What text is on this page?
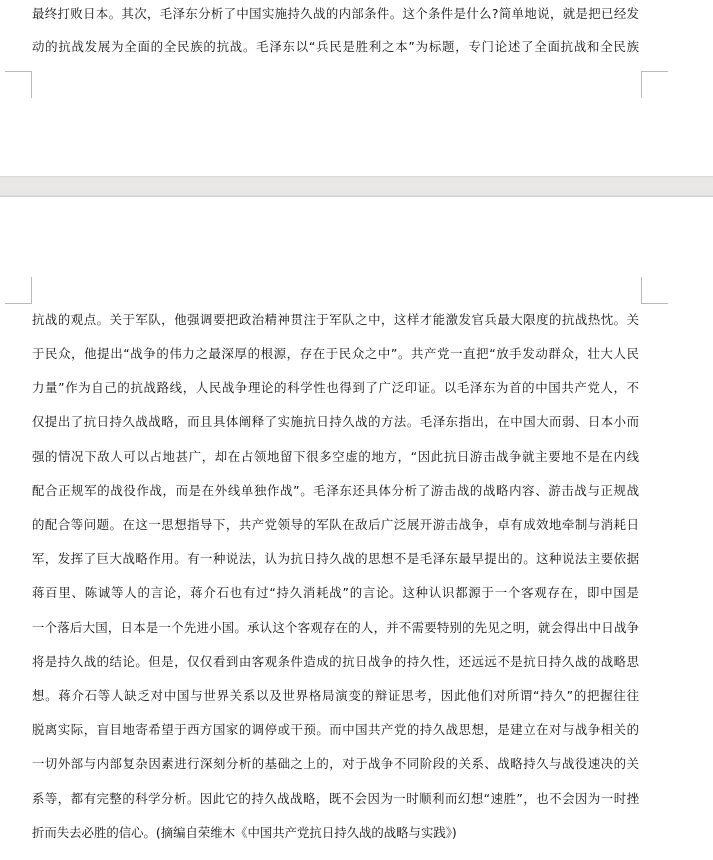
最终打败日本。其次，毛泽东分析了中国实施持久战的内部条件。这个条件是什么?简单地说，就是把已经发
动的抗战发展为全面的全民族的抗战。毛泽东以“兵民是胜利之本”为标题，专门论述了全面抗战和全民族
抗战的观点。关于军队，他强调要把政治精神贯注于军队之中，这样才能激发官兵最大限度的抗战热忱。关
于民众，他提出“战争的伟力之最深厚的根源，存在于民众之中”。共产党一直把“放手发动群众，壮大人民
力量”作为自己的抗战路线，人民战争理论的科学性也得到了广泛印证。以毛泽东为首的中国共产党人，不
仅提出了抗日持久战战略，而且具体阐释了实施抗日持久战的方法。毛泽东指出，在中国大而弱、日本小而
强的情况下敌人可以占地甚广，却在占领地留下很多空虚的地方，“因此抗日游击战争就主要地不是在内线
配合正规军的战役作战，而是在外线单独作战”。毛泽东还具体分析了游击战的战略内容、游击战与正规战
的配合等问题。在这一思想指导下，共产党领导的军队在敌后广泛展开游击战争，卓有成效地牵制与消耗日
军，发挥了巨大战略作用。有一种说法，认为抗日持久战的思想不是毛泽东最早提出的。这种说法主要依据
蒋百里、陈诚等人的言论，蒋介石也有过“持久消耗战”的言论。这种认识都源于一个客观存在，即中国是
一个落后大国，日本是一个先进小国。承认这个客观存在的人，并不需要特别的先见之明，就会得出中日战争
将是持久战的结论。但是，仅仅看到由客观条件造成的抗日战争的持久性，还远远不是抗日持久战的战略思
想。蒋介石等人缺乏对中国与世界关系以及世界格局演变的辩证思考，因此他们对所谓“持久”的把握往往
脱离实际，盲目地寄希望于西方国家的调停或干预。而中国共产党的持久战思想，是建立在对与战争相关的
一切外部与内部复杂因素进行深刻分析的基础之上的，对于战争不同阶段的关系、战略持久与战役速决的关
系等，都有完整的科学分析。因此它的持久战战略，既不会因为一时顺利而幻想“速胜”，也不会因为一时挫
折而失去必胜的信心。(摘编自荣维木《中国共产党抗日持久战的战略与实践》)
